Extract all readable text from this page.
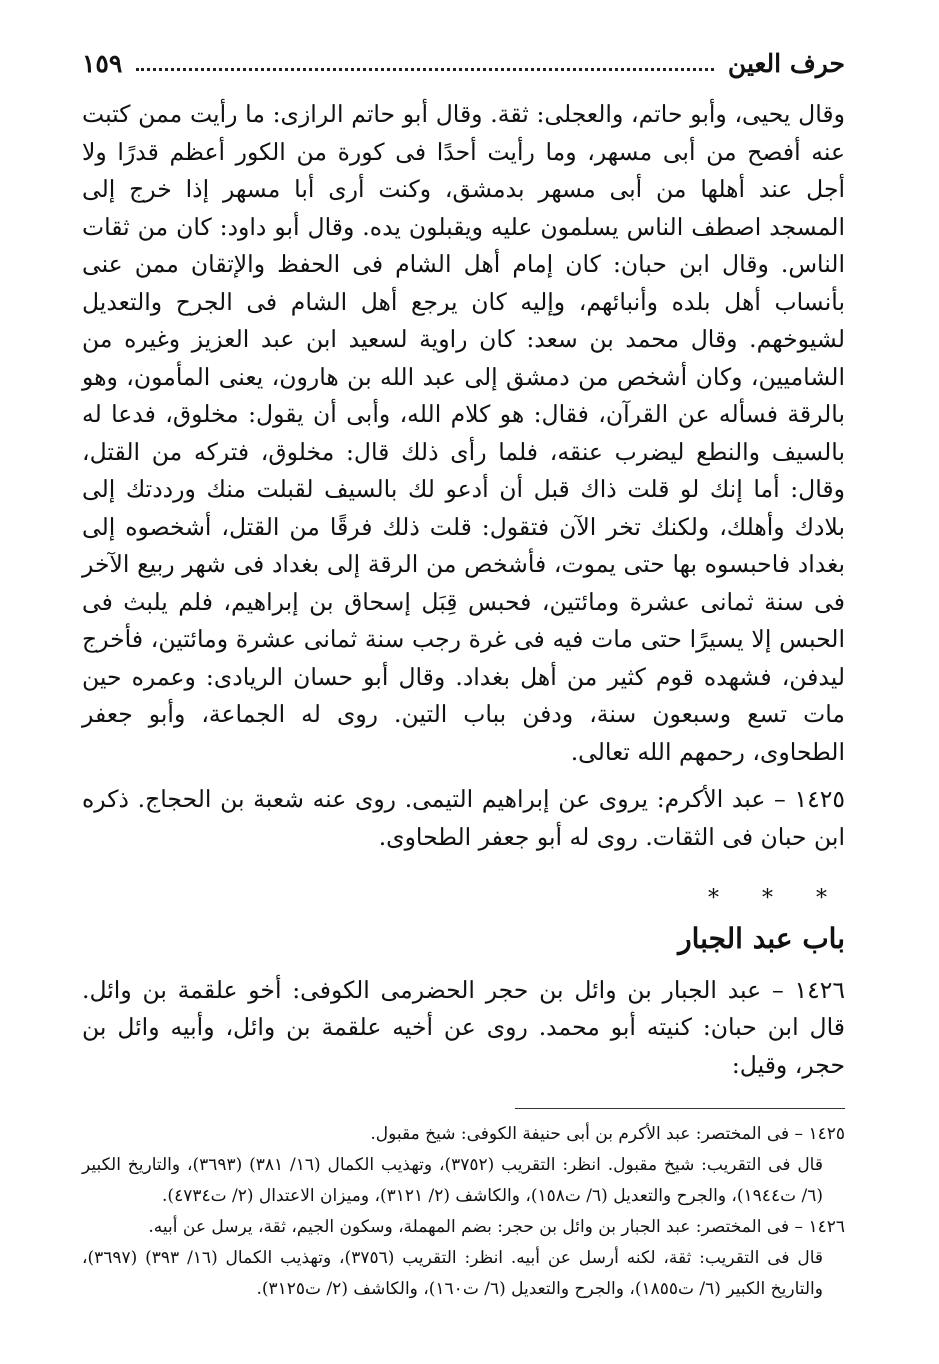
حرف العين
١٥٩

وقال يحيى، وأبو حاتم، والعجلى: ثقة. وقال أبو حاتم الرازى: ما رأيت ممن كتبت عنه أفصح من أبى مسهر، وما رأيت أحدًا فى كورة من الكور أعظم قدرًا ولا أجل عند أهلها من أبى مسهر بدمشق، وكنت أرى أبا مسهر إذا خرج إلى المسجد اصطف الناس يسلمون عليه ويقبلون يده. وقال أبو داود: كان من ثقات الناس. وقال ابن حبان: كان إمام أهل الشام فى الحفظ والإتقان ممن عنى بأنساب أهل بلده وأنبائهم، وإليه كان يرجع أهل الشام فى الجرح والتعديل لشيوخهم. وقال محمد بن سعد: كان راوية لسعيد ابن عبد العزيز وغيره من الشاميين، وكان أشخص من دمشق إلى عبد الله بن هارون، يعنى المأمون، وهو بالرقة فسأله عن القرآن، فقال: هو كلام الله، وأبى أن يقول: مخلوق، فدعا له بالسيف والنطع ليضرب عنقه، فلما رأى ذلك قال: مخلوق، فتركه من القتل، وقال: أما إنك لو قلت ذاك قبل أن أدعو لك بالسيف لقبلت منك ورددتك إلى بلادك وأهلك، ولكنك تخر الآن فتقول: قلت ذلك فرقًا من القتل، أشخصوه إلى بغداد فاحبسوه بها حتى يموت، فأشخص من الرقة إلى بغداد فى شهر ربيع الآخر فى سنة ثمانى عشرة ومائتين، فحبس قِبَل إسحاق بن إبراهيم، فلم يلبث فى الحبس إلا يسيرًا حتى مات فيه فى غرة رجب سنة ثمانى عشرة ومائتين، فأخرج ليدفن، فشهده قوم كثير من أهل بغداد. وقال أبو حسان الريادى: وعمره حين مات تسع وسبعون سنة، ودفن بباب التين. روى له الجماعة، وأبو جعفر الطحاوى، رحمهم الله تعالى.

١٤٢٥ – عبد الأكرم: يروى عن إبراهيم التيمى. روى عنه شعبة بن الحجاج. ذكره ابن حبان فى الثقات. روى له أبو جعفر الطحاوى.

* * *
باب عبد الجبار

١٤٢٦ – عبد الجبار بن وائل بن حجر الحضرمى الكوفى: أخو علقمة بن وائل. قال ابن حبان: كنيته أبو محمد. روى عن أخيه علقمة بن وائل، وأبيه وائل بن حجر، وقيل:

١٤٢٥ – فى المختصر: عبد الأكرم بن أبى حنيفة الكوفى: شيخ مقبول.

قال فى التقريب: شيخ مقبول. انظر: التقريب (٣٧٥٢)، وتهذيب الكمال (١٦/ ٣٨١) (٣٦٩٣)، والتاريخ الكبير (٦/ ت١٩٤٤)، والجرح والتعديل (٦/ ت١٥٨)، والكاشف (٢/ ٣١٢١)، وميزان الاعتدال (٢/ ت٤٧٣٤).

١٤٢٦ – فى المختصر: عبد الجبار بن وائل بن حجر: بضم المهملة، وسكون الجيم، ثقة، يرسل عن أبيه.

قال فى التقريب: ثقة، لكنه أرسل عن أبيه. انظر: التقريب (٣٧٥٦)، وتهذيب الكمال (١٦/ ٣٩٣) (٣٦٩٧)، والتاريخ الكبير (٦/ ت١٨٥٥)، والجرح والتعديل (٦/ ت١٦٠)، والكاشف (٢/ ت٣١٢٥).
